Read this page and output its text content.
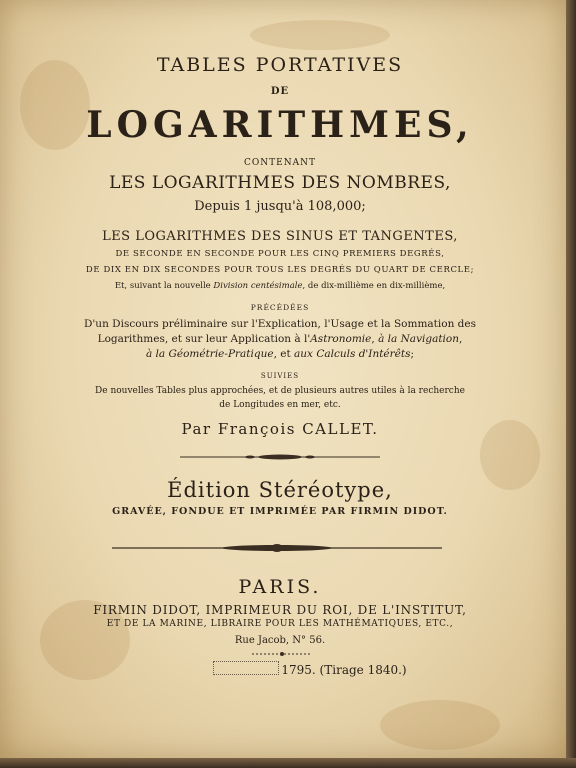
TABLES PORTATIVES
DE
LOGARITHMES,
CONTENANT
LES LOGARITHMES DES NOMBRES,
Depuis 1 jusqu'à 108,000;
LES LOGARITHMES DES SINUS ET TANGENTES,
DE SECONDE EN SECONDE POUR LES CINQ PREMIERS DEGRÉS,
DE DIX EN DIX SECONDES POUR TOUS LES DEGRÉS DU QUART DE CERCLE;
Et, suivant la nouvelle Division centésimale, de dix-millième en dix-millième,
PRÉCÉDÉES
D'un Discours préliminaire sur l'Explication, l'Usage et la Sommation des
Logarithmes, et sur leur Application à l'Astronomie, à la Navigation,
à la Géométrie-Pratique, et aux Calculs d'Intérêts;
SUIVIES
De nouvelles Tables plus approchées, et de plusieurs autres utiles à la recherche
de Longitudes en mer, etc.
Par François CALLET.
Édition Stéréotype,
GRAVÉE, FONDUE ET IMPRIMÉE PAR FIRMIN DIDOT.
PARIS.
FIRMIN DIDOT, IMPRIMEUR DU ROI, DE L'INSTITUT,
ET DE LA MARINE, LIBRAIRE POUR LES MATHÉMATIQUES, ETC.,
Rue Jacob, N° 56.
1795. (Tirage 1840.)
